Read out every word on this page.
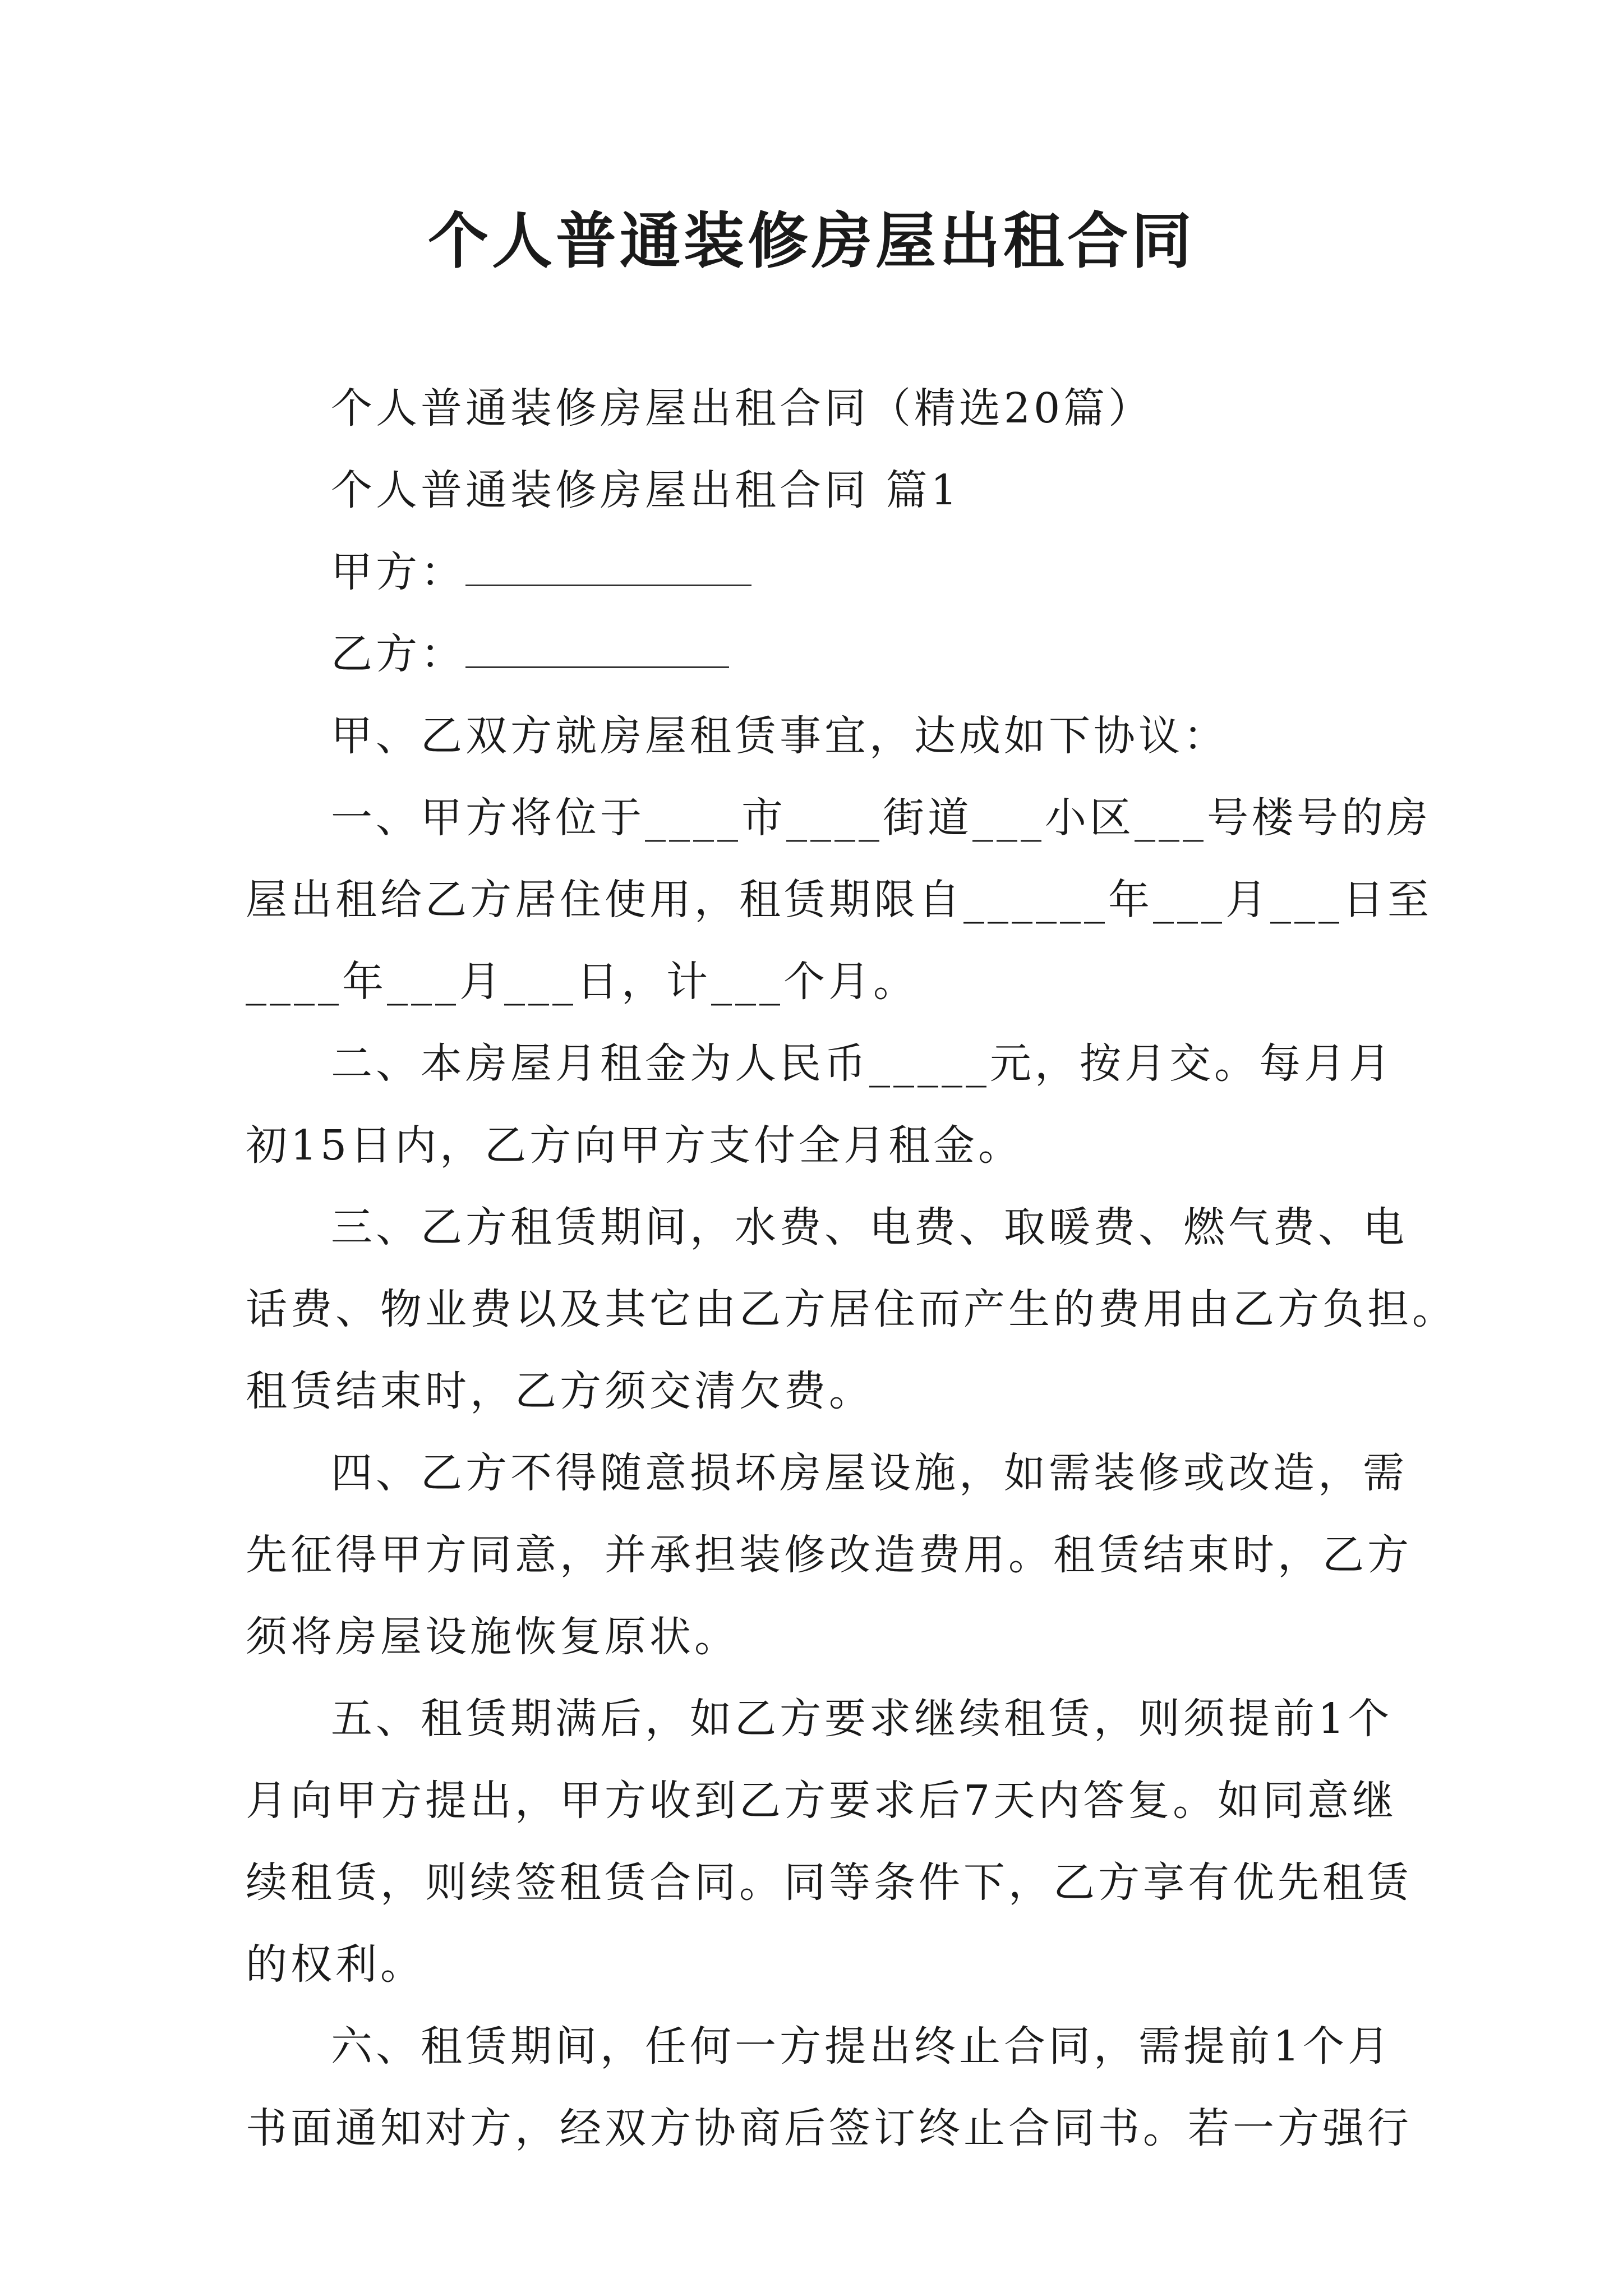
个人普通装修房屋出租合同
个人普通装修房屋出租合同（精选20篇）
个人普通装修房屋出租合同 篇1
甲方：
乙方：
甲、乙双方就房屋租赁事宜，达成如下协议：
一、甲方将位于____市____街道___小区___号楼号的房
屋出租给乙方居住使用，租赁期限自______年___月___日至
____年___月___日，计___个月。
二、本房屋月租金为人民币_____元，按月交。每月月
初15日内，乙方向甲方支付全月租金。
三、乙方租赁期间，水费、电费、取暖费、燃气费、电
话费、物业费以及其它由乙方居住而产生的费用由乙方负担。
租赁结束时，乙方须交清欠费。
四、乙方不得随意损坏房屋设施，如需装修或改造，需
先征得甲方同意，并承担装修改造费用。租赁结束时，乙方
须将房屋设施恢复原状。
五、租赁期满后，如乙方要求继续租赁，则须提前1个
月向甲方提出，甲方收到乙方要求后7天内答复。如同意继
续租赁，则续签租赁合同。同等条件下，乙方享有优先租赁
的权利。
六、租赁期间，任何一方提出终止合同，需提前1个月
书面通知对方，经双方协商后签订终止合同书。若一方强行
